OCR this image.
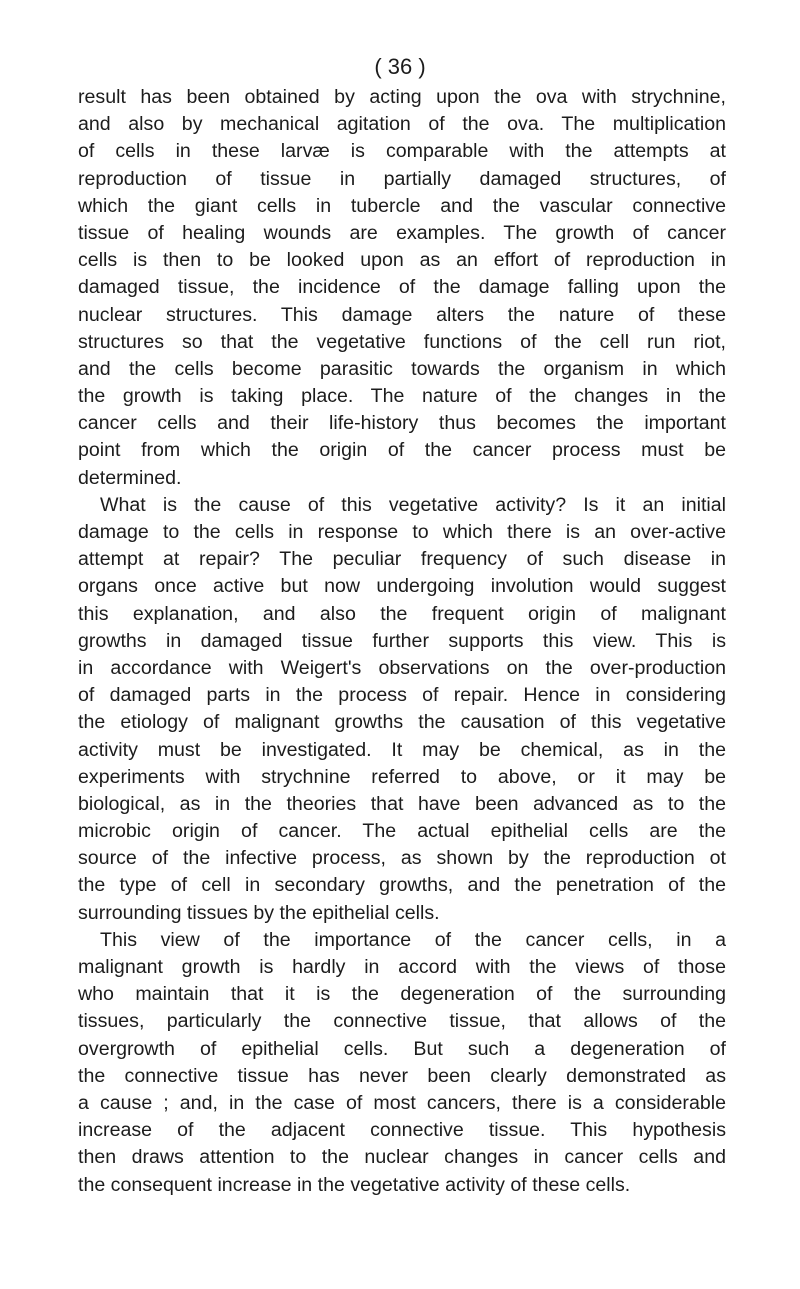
( 36 )
result has been obtained by acting upon the ova with strychnine,
and also by mechanical agitation of the ova. The multiplication
of cells in these larvæ is comparable with the attempts at
reproduction of tissue in partially damaged structures, of
which the giant cells in tubercle and the vascular connective
tissue of healing wounds are examples. The growth of cancer
cells is then to be looked upon as an effort of reproduction in
damaged tissue, the incidence of the damage falling upon the
nuclear structures. This damage alters the nature of these
structures so that the vegetative functions of the cell run riot,
and the cells become parasitic towards the organism in which
the growth is taking place. The nature of the changes in the
cancer cells and their life-history thus becomes the important
point from which the origin of the cancer process must be
determined.
What is the cause of this vegetative activity? Is it an initial
damage to the cells in response to which there is an over-active
attempt at repair? The peculiar frequency of such disease in
organs once active but now undergoing involution would suggest
this explanation, and also the frequent origin of malignant
growths in damaged tissue further supports this view. This is
in accordance with Weigert's observations on the over-production
of damaged parts in the process of repair. Hence in considering
the etiology of malignant growths the causation of this vegetative
activity must be investigated. It may be chemical, as in the
experiments with strychnine referred to above, or it may be
biological, as in the theories that have been advanced as to the
microbic origin of cancer. The actual epithelial cells are the
source of the infective process, as shown by the reproduction ot
the type of cell in secondary growths, and the penetration of the
surrounding tissues by the epithelial cells.
This view of the importance of the cancer cells, in a
malignant growth is hardly in accord with the views of those
who maintain that it is the degeneration of the surrounding
tissues, particularly the connective tissue, that allows of the
overgrowth of epithelial cells. But such a degeneration of
the connective tissue has never been clearly demonstrated as
a cause ; and, in the case of most cancers, there is a considerable
increase of the adjacent connective tissue. This hypothesis
then draws attention to the nuclear changes in cancer cells and
the consequent increase in the vegetative activity of these cells.
